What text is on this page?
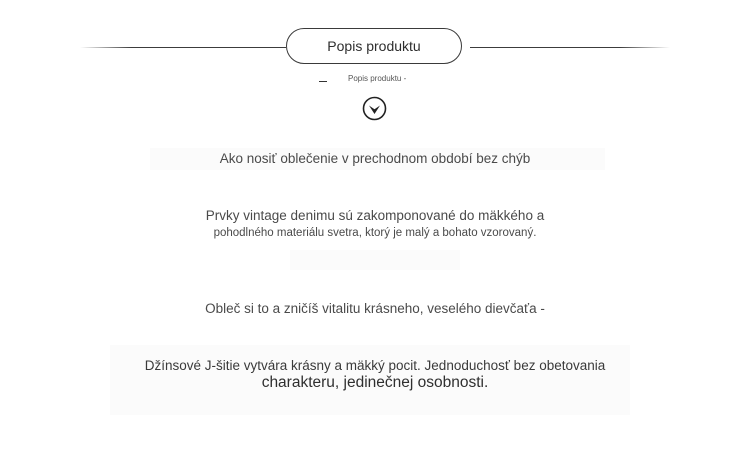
Popis produktu
Popis produktu -
Ako nosiť oblečenie v prechodnom období bez chýb
Prvky vintage denimu sú zakomponované do mäkkého a
pohodlného materiálu svetra, ktorý je malý a bohato vzorovaný.
Obleč si to a zničíš vitalitu krásneho, veselého dievčaťa -
Džínsové J-šitie vytvára krásny a mäkký pocit. Jednoduchosť bez obetovania
charakteru, jedinečnej osobnosti.
